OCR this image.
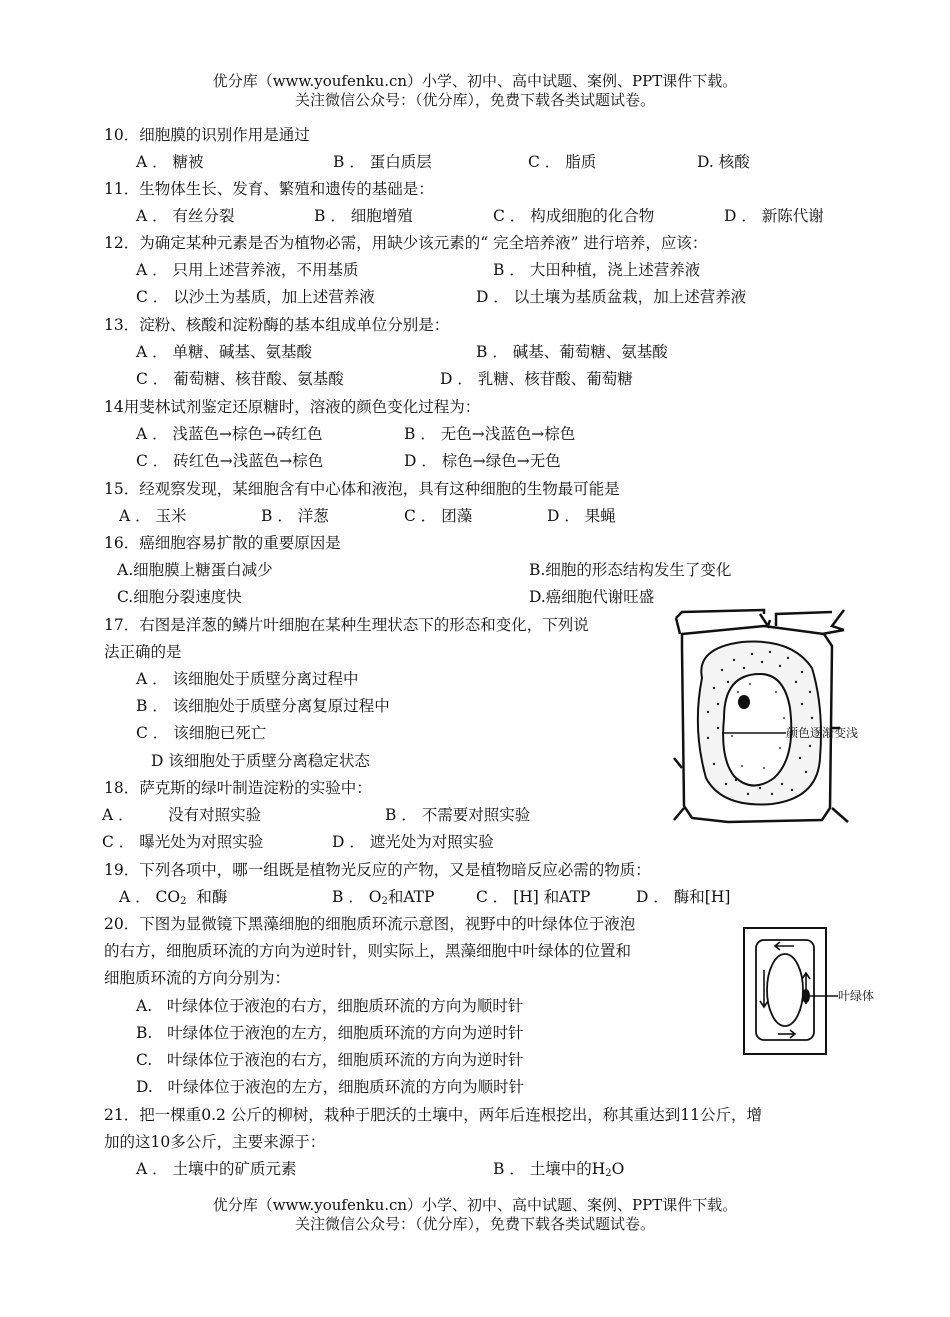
优分库（www.youfenku.cn）小学、初中、高中试题、案例、PPT课件下载。
关注微信公众号：（优分库），免费下载各类试题试卷。
10．细胞膜的识别作用是通过
A ． 糖被	B ． 蛋白质层	C ． 脂质	D. 核酸
11．生物体生长、发育、繁殖和遗传的基础是：
A ． 有丝分裂	B ． 细胞增殖	C ． 构成细胞的化合物	D ． 新陈代谢
12．为确定某种元素是否为植物必需，用缺少该元素的“ 完全培养液” 进行培养，应该：
A ． 只用上述营养液，不用基质	B ． 大田种植，浇上述营养液
C ． 以沙土为基质，加上述营养液	D ． 以土壤为基质盆栽，加上述营养液
13．淀粉、核酸和淀粉酶的基本组成单位分别是：
A ． 单糖、碱基、氨基酸	B ． 碱基、葡萄糖、氨基酸
C ． 葡萄糖、核苷酸、氨基酸	D ． 乳糖、核苷酸、葡萄糖
14用斐林试剂鉴定还原糖时，溶液的颜色变化过程为：
A ． 浅蓝色→棕色→砖红色	B ． 无色→浅蓝色→棕色
C ． 砖红色→浅蓝色→棕色	D ． 棕色→绿色→无色
15．经观察发现，某细胞含有中心体和液泡，具有这种细胞的生物最可能是
A ． 玉米	B ． 洋葱	C ． 团藻	D ． 果蝇
16．癌细胞容易扩散的重要原因是
A.细胞膜上糖蛋白减少	B.细胞的形态结构发生了变化
C.细胞分裂速度快	D.癌细胞代谢旺盛
17．右图是洋葱的鳞片叶细胞在某种生理状态下的形态和变化，下列说
法正确的是
A ． 该细胞处于质壁分离过程中
B ． 该细胞处于质壁分离复原过程中
C ． 该细胞已死亡
D 该细胞处于质壁分离稳定状态
颜色逐渐变浅
18．萨克斯的绿叶制造淀粉的实验中：
A ．       没有对照实验	B ． 不需要对照实验
C ． 曝光处为对照实验	D ． 遮光处为对照实验
19．下列各项中，哪一组既是植物光反应的产物，又是植物暗反应必需的物质：
A ． $CO_2$  和酶	B ． $O_2$和ATP	C ． [H] 和ATP	D ． 酶和[H]
20．下图为显微镜下黑藻细胞的细胞质环流示意图，视野中的叶绿体位于液泡
的右方，细胞质环流的方向为逆时针，则实际上，黑藻细胞中叶绿体的位置和
细胞质环流的方向分别为：
A.   叶绿体位于液泡的右方，细胞质环流的方向为顺时针
B.   叶绿体位于液泡的左方，细胞质环流的方向为逆时针
C.   叶绿体位于液泡的右方，细胞质环流的方向为逆时针
D.   叶绿体位于液泡的左方，细胞质环流的方向为顺时针
叶绿体
21．把一棵重0.2 公斤的柳树，栽种于肥沃的土壤中，两年后连根挖出，称其重达到11公斤，增
加的这10多公斤，主要来源于：
A ． 土壤中的矿质元素	B ． 土壤中的$H_2O$
优分库（www.youfenku.cn）小学、初中、高中试题、案例、PPT课件下载。
关注微信公众号：（优分库），免费下载各类试题试卷。
